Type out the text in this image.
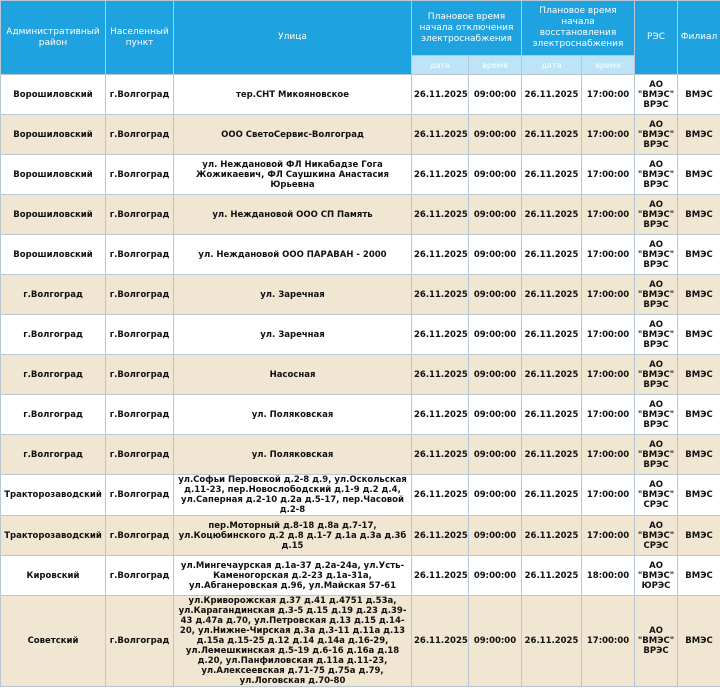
Административный район	Населенный пункт	Улица	Плановое время начала отключения электроснабжения		Плановое время начала восстановления электроснабжения		РЭС	Филиал
			дата	время	дата	время		
Ворошиловский	г.Волгоград	тер.СНТ Микояновское	26.11.2025	09:00:00	26.11.2025	17:00:00	АО "ВМЭС" ВРЭС	ВМЭС
Ворошиловский	г.Волгоград	ООО СветоСервис-Волгоград	26.11.2025	09:00:00	26.11.2025	17:00:00	АО "ВМЭС" ВРЭС	ВМЭС
Ворошиловский	г.Волгоград	ул. Неждановой ФЛ Никабадзе Гога Жожикаевич, ФЛ Саушкина Анастасия Юрьевна	26.11.2025	09:00:00	26.11.2025	17:00:00	АО "ВМЭС" ВРЭС	ВМЭС
Ворошиловский	г.Волгоград	ул. Неждановой ООО СП Память	26.11.2025	09:00:00	26.11.2025	17:00:00	АО "ВМЭС" ВРЭС	ВМЭС
Ворошиловский	г.Волгоград	ул. Неждановой ООО ПАРАВАН - 2000	26.11.2025	09:00:00	26.11.2025	17:00:00	АО "ВМЭС" ВРЭС	ВМЭС
г.Волгоград	г.Волгоград	ул. Заречная	26.11.2025	09:00:00	26.11.2025	17:00:00	АО "ВМЭС" ВРЭС	ВМЭС
г.Волгоград	г.Волгоград	ул. Заречная	26.11.2025	09:00:00	26.11.2025	17:00:00	АО "ВМЭС" ВРЭС	ВМЭС
г.Волгоград	г.Волгоград	Насосная	26.11.2025	09:00:00	26.11.2025	17:00:00	АО "ВМЭС" ВРЭС	ВМЭС
г.Волгоград	г.Волгоград	ул. Поляковская	26.11.2025	09:00:00	26.11.2025	17:00:00	АО "ВМЭС" ВРЭС	ВМЭС
г.Волгоград	г.Волгоград	ул. Поляковская	26.11.2025	09:00:00	26.11.2025	17:00:00	АО "ВМЭС" ВРЭС	ВМЭС
Тракторозаводский	г.Волгоград	ул.Софьи Перовской д.2-8 д.9, ул.Оскольская д.11-23, пер.Новослободский д.1-9 д.2 д.4, ул.Саперная д.2-10 д.2а д.5-17, пер.Часовой д.2-8	26.11.2025	09:00:00	26.11.2025	17:00:00	АО "ВМЭС" СРЭС	ВМЭС
Тракторозаводский	г.Волгоград	пер.Моторный д.8-18 д.8а д.7-17, ул.Коцюбинского д.2 д.8 д.1-7 д.1а д.3а д.3б д.15	26.11.2025	09:00:00	26.11.2025	17:00:00	АО "ВМЭС" СРЭС	ВМЭС
Кировский	г.Волгоград	ул.Мингечаурская д.1а-37 д.2а-24а, ул.Усть-Каменогорская д.2-23 д.1а-31а, ул.Абганеровская д.96, ул.Майская 57-61	26.11.2025	09:00:00	26.11.2025	18:00:00	АО "ВМЭС" ЮРЭС	ВМЭС
Советский	г.Волгоград	ул.Криворожская д.37 д.41 д.4751 д.53а, ул.Карагандинская д.3-5 д.15 д.19 д.23 д.39-43 д.47а д.70, ул.Петровская д.13 д.15 д.14-20, ул.Нижне-Чирская д.3а д.3-11 д.11а д.13 д.15а д.15-25 д.12 д.14 д.14а д.16-29, ул.Лемешкинская д.5-19 д.6-16 д.16а д.18 д.20, ул.Панфиловская д.11а д.11-23, ул.Алексеевская д.71-75 д.75а д.79, ул.Логовская д.70-80	26.11.2025	09:00:00	26.11.2025	17:00:00	АО "ВМЭС" ВРЭС	ВМЭС
